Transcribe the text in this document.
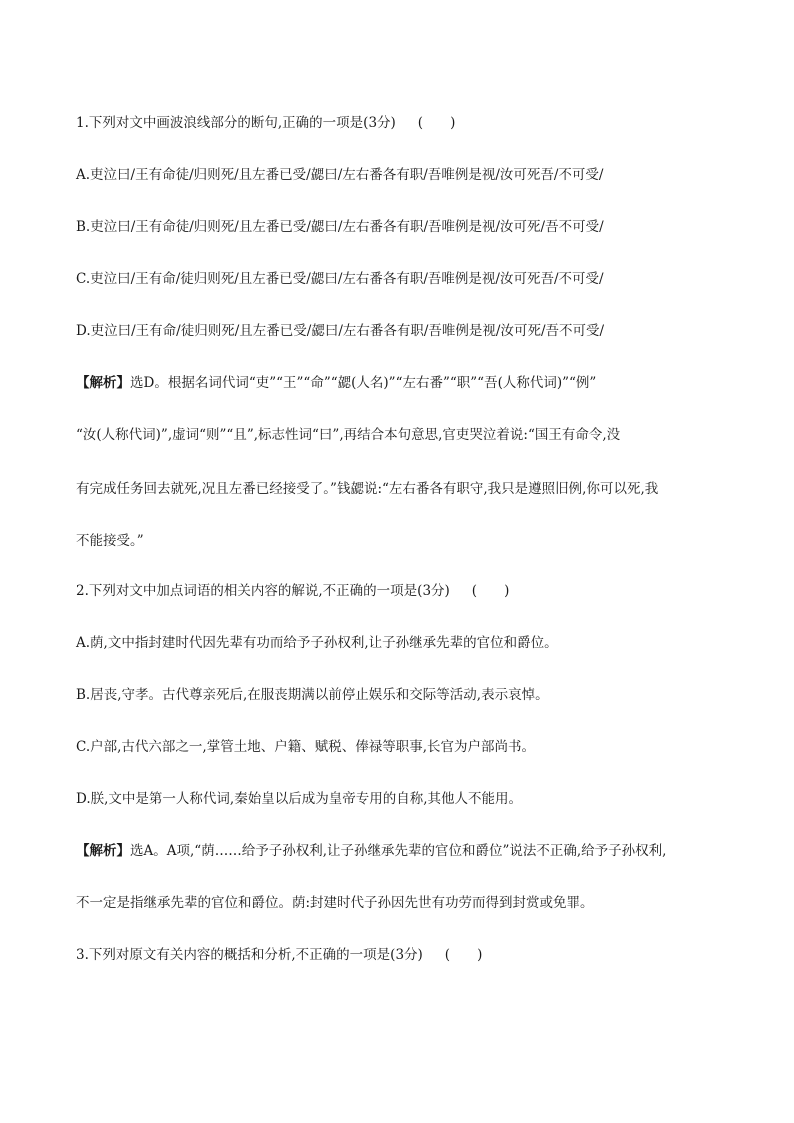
1.下列对文中画波浪线部分的断句,正确的一项是(3分) (　　)
A.吏泣曰/王有命徒/归则死/且左番已受/勰曰/左右番各有职/吾唯例是视/汝可死吾/不可受/
B.吏泣曰/王有命徒/归则死/且左番已受/勰曰/左右番各有职/吾唯例是视/汝可死/吾不可受/
C.吏泣曰/王有命/徒归则死/且左番已受/勰曰/左右番各有职/吾唯例是视/汝可死吾/不可受/
D.吏泣曰/王有命/徒归则死/且左番已受/勰曰/左右番各有职/吾唯例是视/汝可死/吾不可受/
【解析】选D。根据名词代词“吏”“王”“命”“勰(人名)”“左右番”“职”“吾(人称代词)”“例”
“汝(人称代词)”,虚词“则”“且”,标志性词“曰”,再结合本句意思,官吏哭泣着说:“国王有命令,没
有完成任务回去就死,况且左番已经接受了。”钱勰说:“左右番各有职守,我只是遵照旧例,你可以死,我
不能接受。”
2.下列对文中加点词语的相关内容的解说,不正确的一项是(3分) (　　)
A.荫,文中指封建时代因先辈有功而给予子孙权利,让子孙继承先辈的官位和爵位。
B.居丧,守孝。古代尊亲死后,在服丧期满以前停止娱乐和交际等活动,表示哀悼。
C.户部,古代六部之一,掌管土地、户籍、赋税、俸禄等职事,长官为户部尚书。
D.朕,文中是第一人称代词,秦始皇以后成为皇帝专用的自称,其他人不能用。
【解析】选A。A项,“荫……给予子孙权利,让子孙继承先辈的官位和爵位”说法不正确,给予子孙权利,
不一定是指继承先辈的官位和爵位。荫:封建时代子孙因先世有功劳而得到封赏或免罪。
3.下列对原文有关内容的概括和分析,不正确的一项是(3分) (　　)
